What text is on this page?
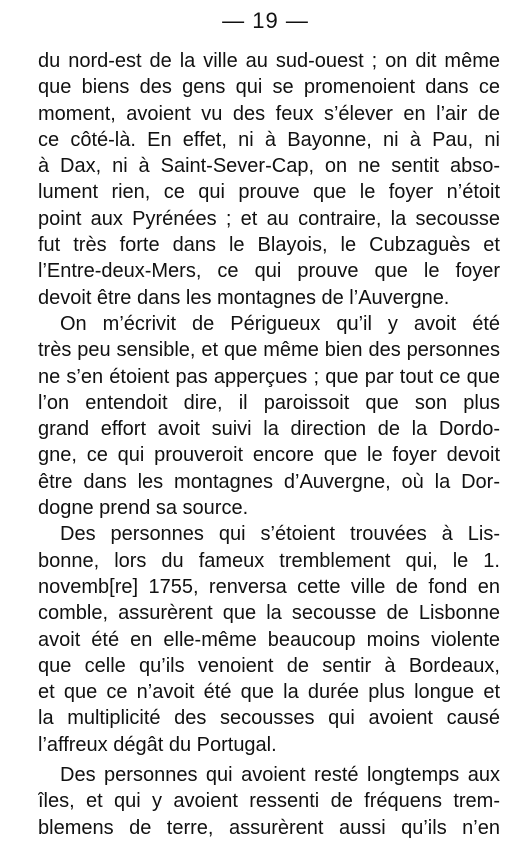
— 19 —
du nord-est de la ville au sud-ouest ; on dit même
que biens des gens qui se promenoient dans ce
moment, avoient vu des feux s’élever en l’air de
ce côté-là. En effet, ni à Bayonne, ni à Pau, ni
à Dax, ni à Saint-Sever-Cap, on ne sentit abso-
lument rien, ce qui prouve que le foyer n’étoit
point aux Pyrénées ; et au contraire, la secousse
fut très forte dans le Blayois, le Cubzaguès et
l’Entre-deux-Mers, ce qui prouve que le foyer
devoit être dans les montagnes de l’Auvergne.
On m’écrivit de Périgueux qu’il y avoit été
très peu sensible, et que même bien des personnes
ne s’en étoient pas apperçues ; que par tout ce que
l’on entendoit dire, il paroissoit que son plus
grand effort avoit suivi la direction de la Dordo-
gne, ce qui prouveroit encore que le foyer devoit
être dans les montagnes d’Auvergne, où la Dor-
dogne prend sa source.
Des personnes qui s’étoient trouvées à Lis-
bonne, lors du fameux tremblement qui, le 1.
novemb[re] 1755, renversa cette ville de fond en
comble, assurèrent que la secousse de Lisbonne
avoit été en elle-même beaucoup moins violente
que celle qu’ils venoient de sentir à Bordeaux,
et que ce n’avoit été que la durée plus longue et
la multiplicité des secousses qui avoient causé
l’affreux dégât du Portugal.
Des personnes qui avoient resté longtemps aux
îles, et qui y avoient ressenti de fréquens trem-
blemens de terre, assurèrent aussi qu’ils n’en
